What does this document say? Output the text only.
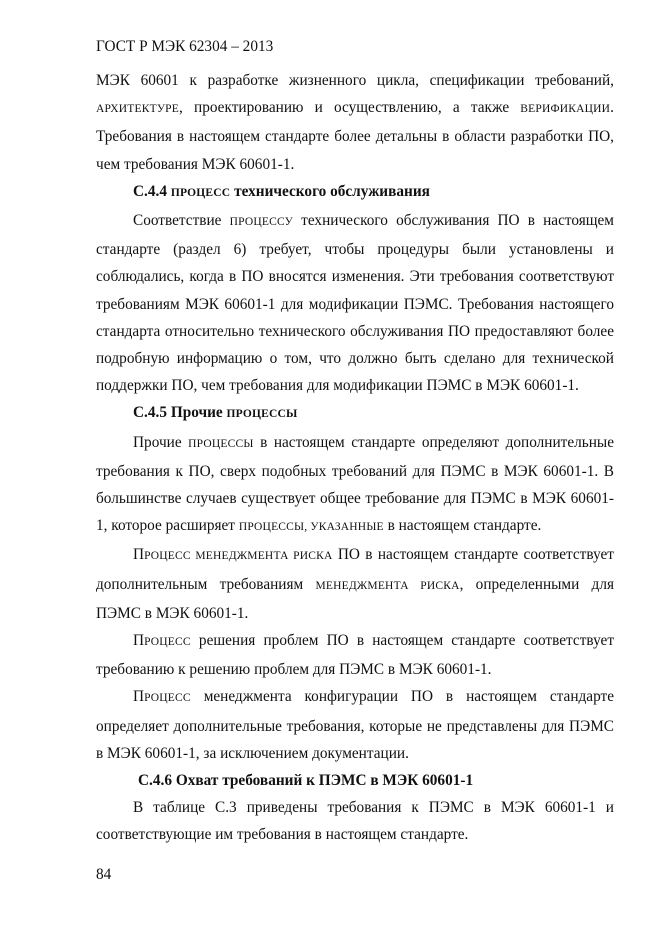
ГОСТ Р МЭК 62304 – 2013

МЭК 60601 к разработке жизненного цикла, спецификации требований, АРХИТЕКТУРЕ, проектированию и осуществлению, а также ВЕРИФИКАЦИИ. Требования в настоящем стандарте более детальны в области разработки ПО, чем требования МЭК 60601-1.

С.4.4 ПРОЦЕСС технического обслуживания

Соответствие ПРОЦЕССУ технического обслуживания ПО в настоящем стандарте (раздел 6) требует, чтобы процедуры были установлены и соблюдались, когда в ПО вносятся изменения. Эти требования соответствуют требованиям МЭК 60601-1 для модификации ПЭМС. Требования настоящего стандарта относительно технического обслуживания ПО предоставляют более подробную информацию о том, что должно быть сделано для технической поддержки ПО, чем требования для модификации ПЭМС в МЭК 60601-1.

С.4.5 Прочие ПРОЦЕССЫ

Прочие ПРОЦЕССЫ в настоящем стандарте определяют дополнительные требования к ПО, сверх подобных требований для ПЭМС в МЭК 60601-1. В большинстве случаев существует общее требование для ПЭМС в МЭК 60601-1, которое расширяет ПРОЦЕССЫ, УКАЗАННЫЕ в настоящем стандарте.

ПРОЦЕСС МЕНЕДЖМЕНТА РИСКА ПО в настоящем стандарте соответствует дополнительным требованиям МЕНЕДЖМЕНТА РИСКА, определенными для ПЭМС в МЭК 60601-1.

ПРОЦЕСС решения проблем ПО в настоящем стандарте соответствует требованию к решению проблем для ПЭМС в МЭК 60601-1.

ПРОЦЕСС менеджмента конфигурации ПО в настоящем стандарте определяет дополнительные требования, которые не представлены для ПЭМС в МЭК 60601-1, за исключением документации.

С.4.6 Охват требований к ПЭМС в МЭК 60601-1

В таблице С.3 приведены требования к ПЭМС в МЭК 60601-1 и соответствующие им требования в настоящем стандарте.

84
